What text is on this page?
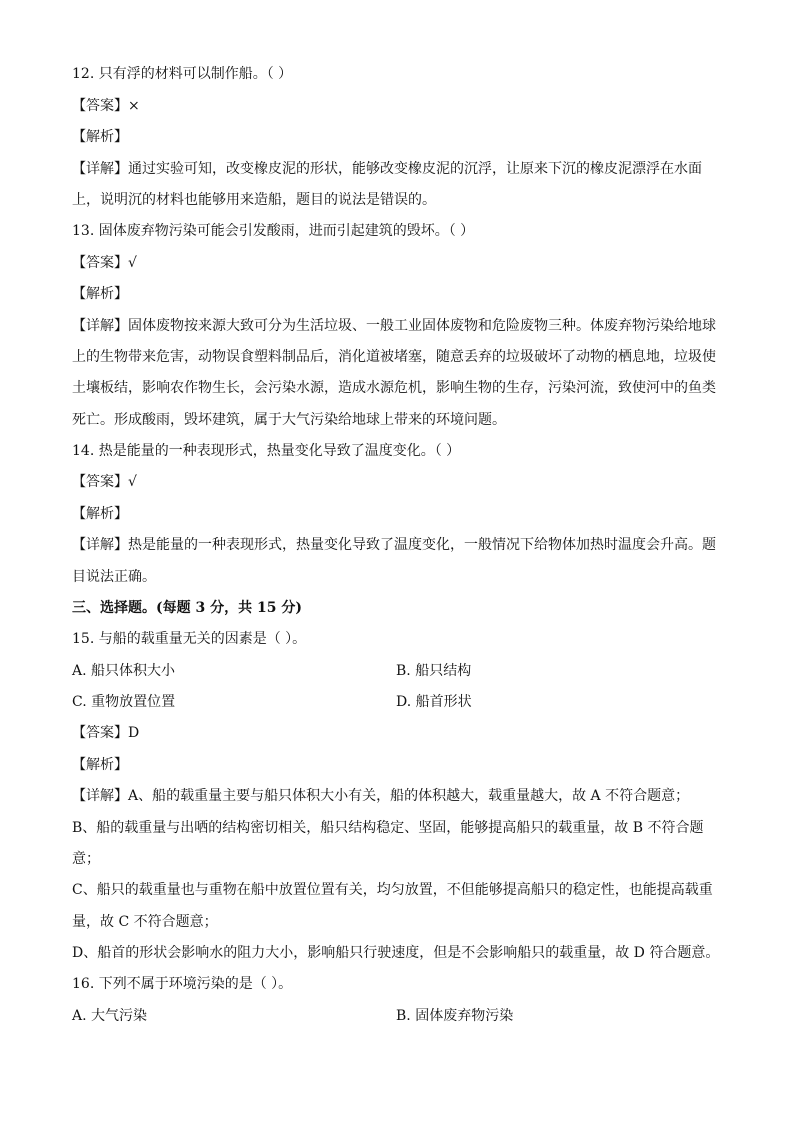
12. 只有浮的材料可以制作船。（ ）
【答案】×
【解析】
【详解】通过实验可知，改变橡皮泥的形状，能够改变橡皮泥的沉浮，让原来下沉的橡皮泥漂浮在水面
上，说明沉的材料也能够用来造船，题目的说法是错误的。
13. 固体废弃物污染可能会引发酸雨，进而引起建筑的毁坏。（ ）
【答案】√
【解析】
【详解】固体废物按来源大致可分为生活垃圾、一般工业固体废物和危险废物三种。体废弃物污染给地球
上的生物带来危害，动物误食塑料制品后，消化道被堵塞，随意丢弃的垃圾破坏了动物的栖息地，垃圾使
土壤板结，影响农作物生长，会污染水源，造成水源危机，影响生物的生存，污染河流，致使河中的鱼类
死亡。形成酸雨，毁坏建筑，属于大气污染给地球上带来的环境问题。
14. 热是能量的一种表现形式，热量变化导致了温度变化。（ ）
【答案】√
【解析】
【详解】热是能量的一种表现形式，热量变化导致了温度变化，一般情况下给物体加热时温度会升高。题
目说法正确。
三、选择题。(每题 3 分，共 15 分)
15. 与船的载重量无关的因素是（ ）。
A. 船只体积大小	B. 船只结构
C. 重物放置位置	D. 船首形状
【答案】D
【解析】
【详解】A、船的载重量主要与船只体积大小有关，船的体积越大，载重量越大，故 A 不符合题意；
B、船的载重量与出哂的结构密切相关，船只结构稳定、坚固，能够提高船只的载重量，故 B 不符合题
意；
C、船只的载重量也与重物在船中放置位置有关，均匀放置，不但能够提高船只的稳定性，也能提高载重
量，故 C 不符合题意；
D、船首的形状会影响水的阻力大小，影响船只行驶速度，但是不会影响船只的载重量，故 D 符合题意。
16. 下列不属于环境污染的是（ ）。
A. 大气污染	B. 固体废弃物污染
